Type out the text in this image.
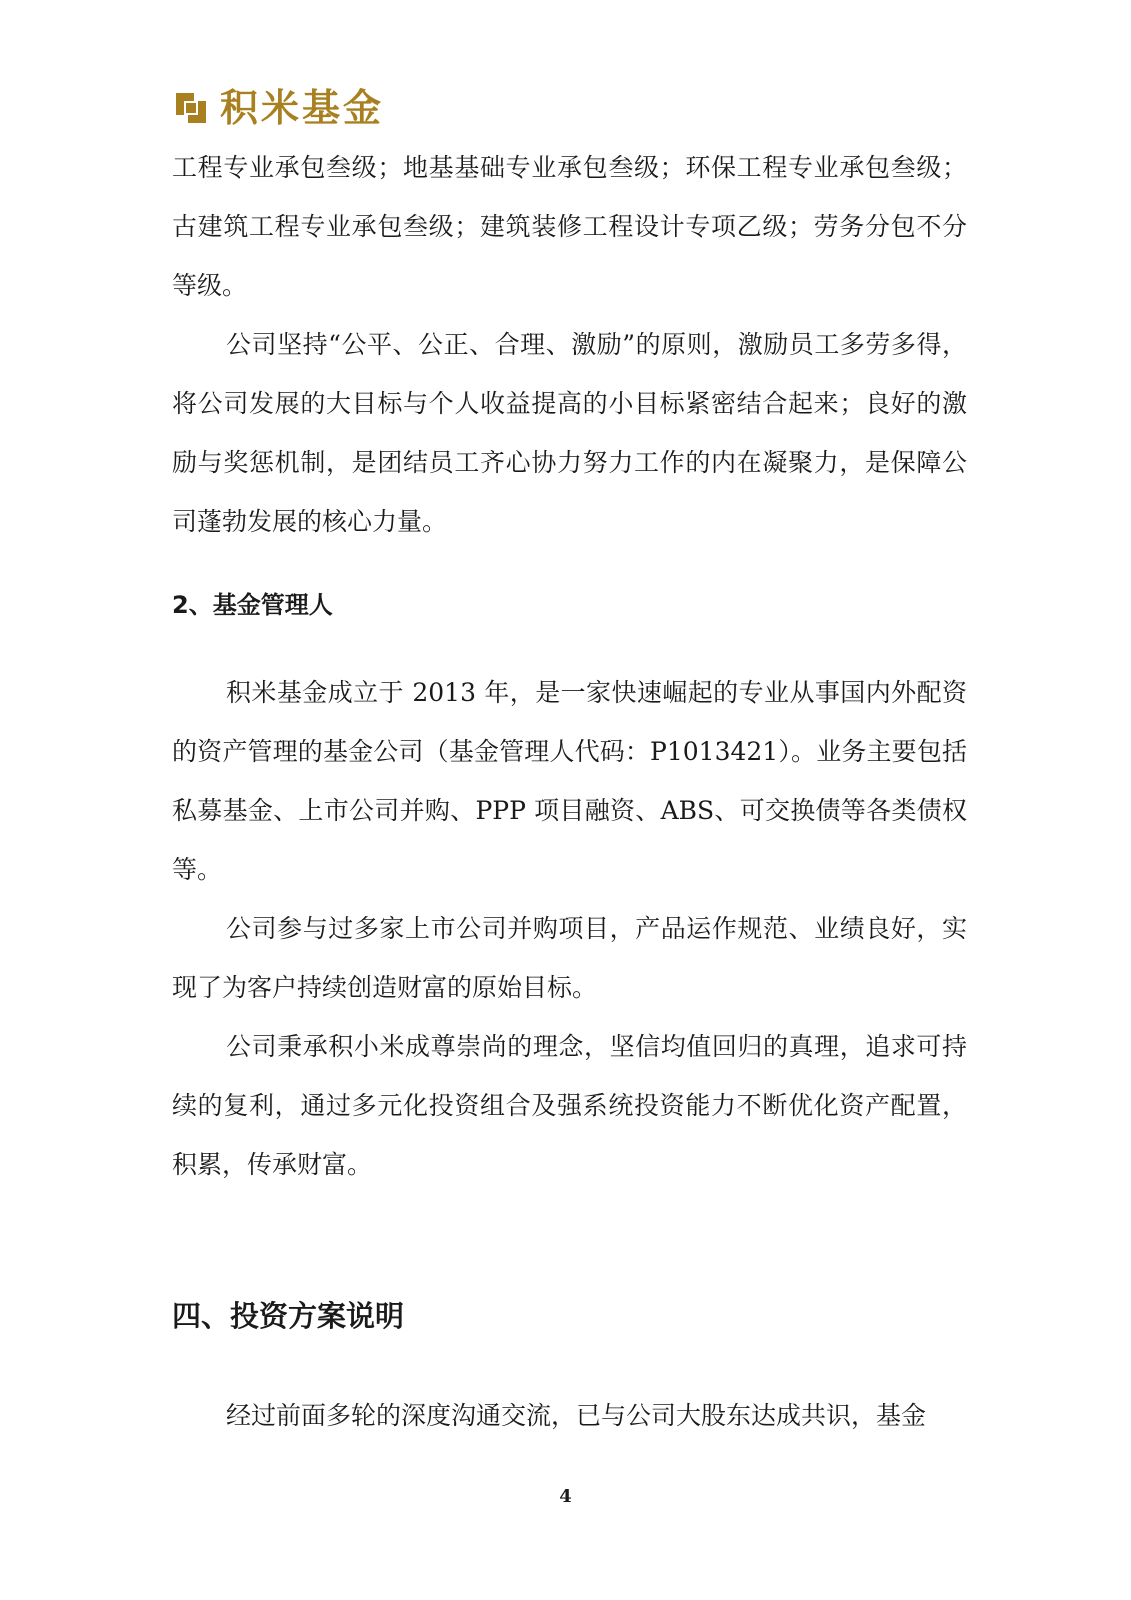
积米基金

工程专业承包叁级；地基基础专业承包叁级；环保工程专业承包叁级；古建筑工程专业承包叁级；建筑装修工程设计专项乙级；劳务分包不分等级。

公司坚持“公平、公正、合理、激励”的原则，激励员工多劳多得，将公司发展的大目标与个人收益提高的小目标紧密结合起来；良好的激励与奖惩机制，是团结员工齐心协力努力工作的内在凝聚力，是保障公司蓬勃发展的核心力量。

2、基金管理人

积米基金成立于 2013 年，是一家快速崛起的专业从事国内外配资的资产管理的基金公司（基金管理人代码：P1013421）。业务主要包括私募基金、上市公司并购、PPP 项目融资、ABS、可交换债等各类债权等。

公司参与过多家上市公司并购项目，产品运作规范、业绩良好，实现了为客户持续创造财富的原始目标。

公司秉承积小米成尊崇尚的理念，坚信均值回归的真理，追求可持续的复利，通过多元化投资组合及强系统投资能力不断优化资产配置，积累，传承财富。

四、投资方案说明

经过前面多轮的深度沟通交流，已与公司大股东达成共识，基金

4
